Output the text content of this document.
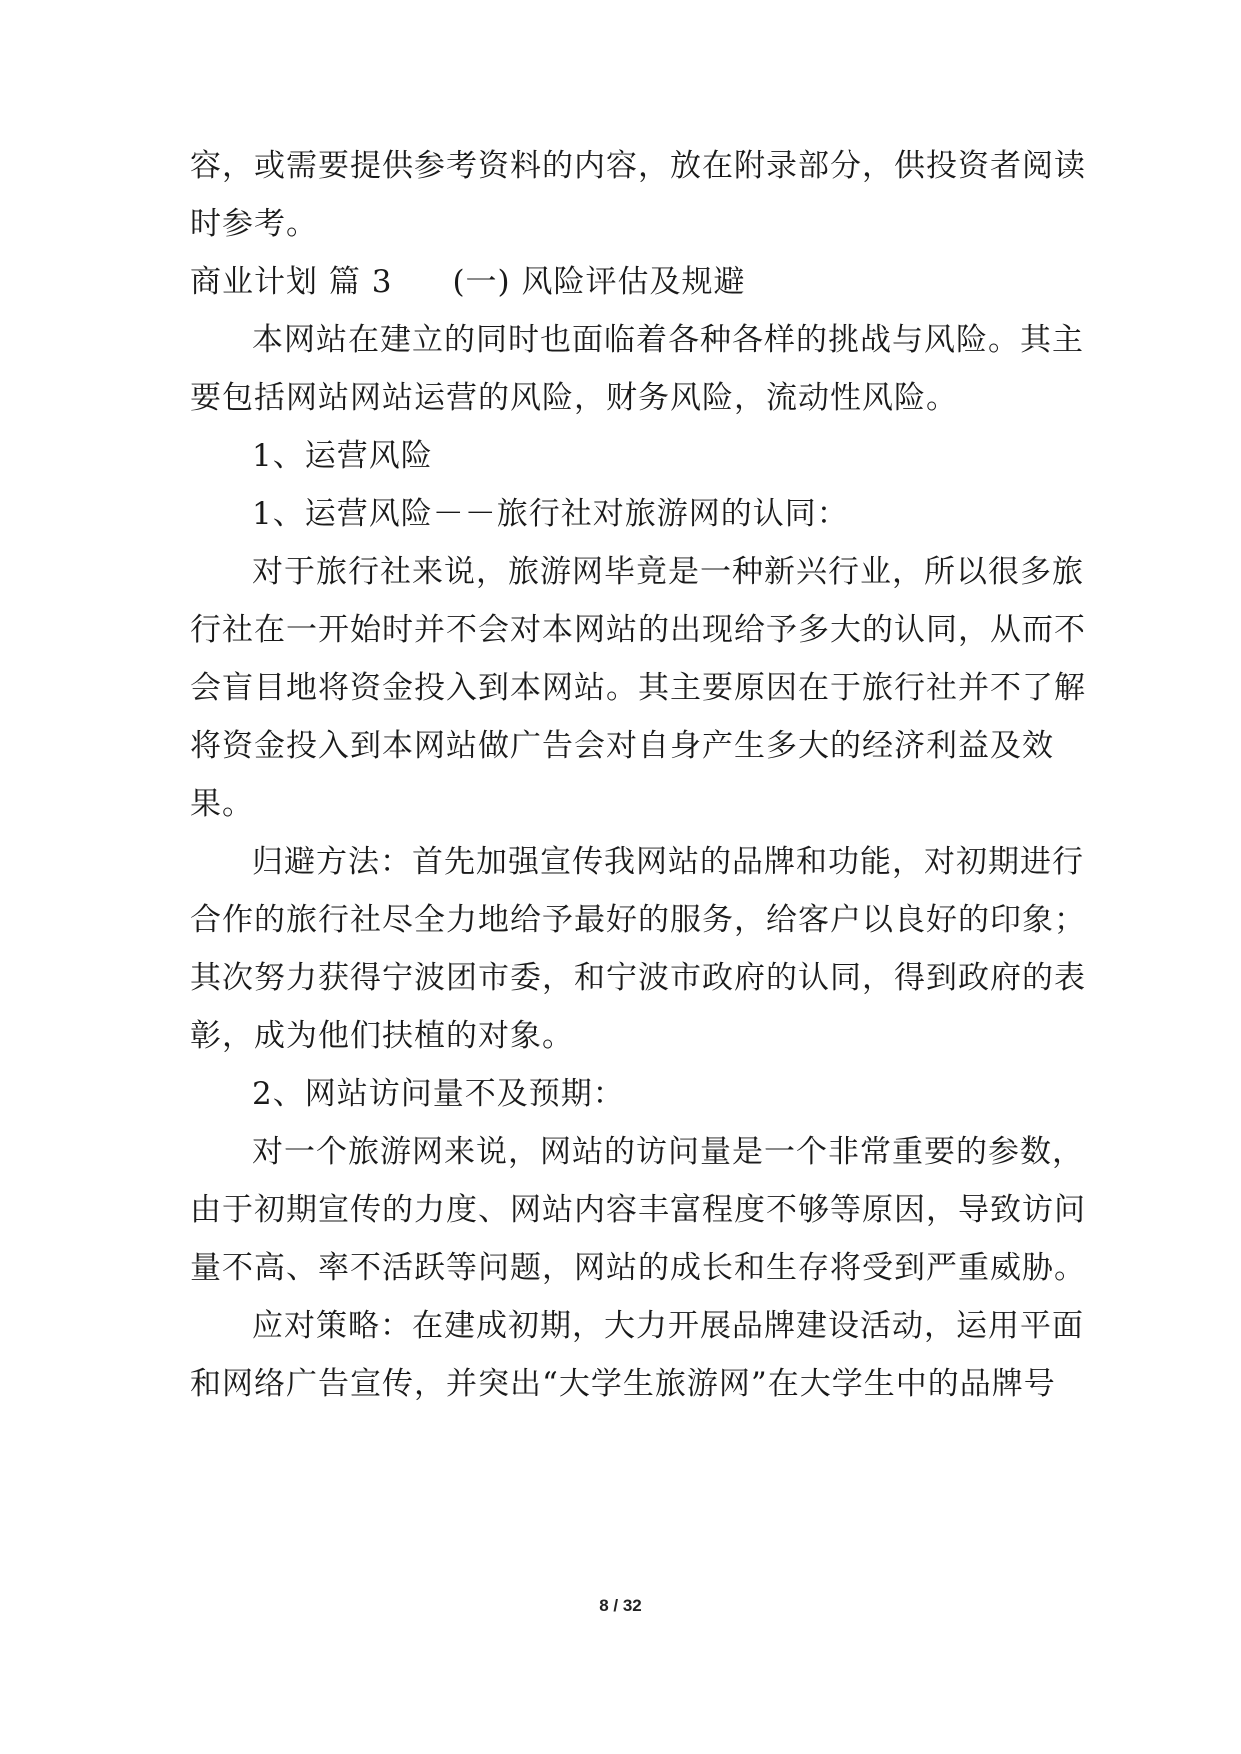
容，或需要提供参考资料的内容，放在附录部分，供投资者阅读
时参考。
商业计划 篇 3 (一) 风险评估及规避
本网站在建立的同时也面临着各种各样的挑战与风险。其主
要包括网站网站运营的风险，财务风险，流动性风险。
1、运营风险
1、运营风险－－旅行社对旅游网的认同：
对于旅行社来说，旅游网毕竟是一种新兴行业，所以很多旅
行社在一开始时并不会对本网站的出现给予多大的认同，从而不
会盲目地将资金投入到本网站。其主要原因在于旅行社并不了解
将资金投入到本网站做广告会对自身产生多大的经济利益及效
果。
归避方法：首先加强宣传我网站的品牌和功能，对初期进行
合作的旅行社尽全力地给予最好的服务，给客户以良好的印象；
其次努力获得宁波团市委，和宁波市政府的认同，得到政府的表
彰，成为他们扶植的对象。
2、网站访问量不及预期：
对一个旅游网来说，网站的访问量是一个非常重要的参数，
由于初期宣传的力度、网站内容丰富程度不够等原因，导致访问
量不高、率不活跃等问题，网站的成长和生存将受到严重威胁。
应对策略：在建成初期，大力开展品牌建设活动，运用平面
和网络广告宣传，并突出“大学生旅游网”在大学生中的品牌号
8 / 32
